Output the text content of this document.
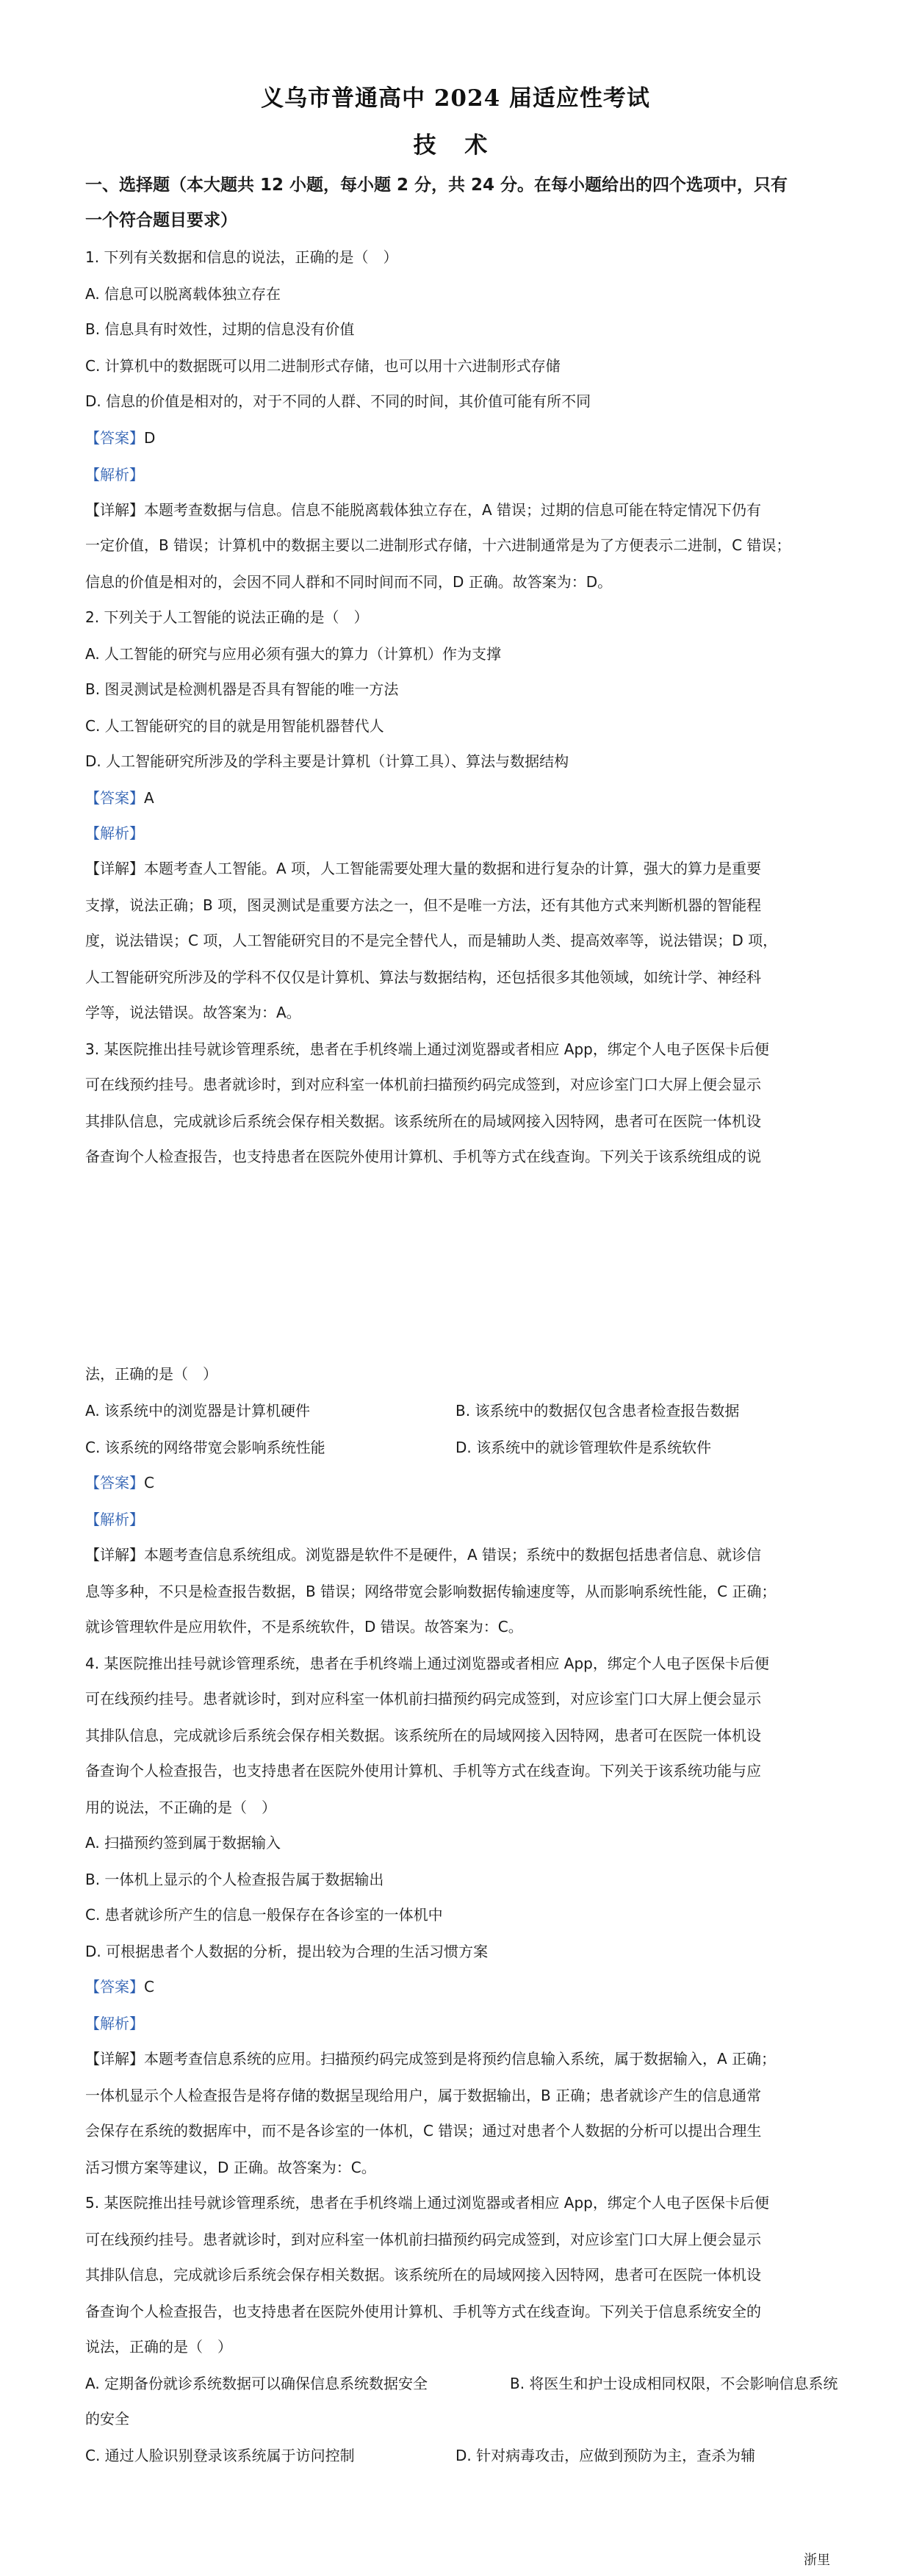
义乌市普通高中 2024 届适应性考试
技 术
一、选择题（本大题共 12 小题，每小题 2 分，共 24 分。在每小题给出的四个选项中，只有
一个符合题目要求）
1. 下列有关数据和信息的说法，正确的是（　）
A. 信息可以脱离载体独立存在
B. 信息具有时效性，过期的信息没有价值
C. 计算机中的数据既可以用二进制形式存储，也可以用十六进制形式存储
D. 信息的价值是相对的，对于不同的人群、不同的时间，其价值可能有所不同
【答案】D
【解析】
【详解】本题考查数据与信息。信息不能脱离载体独立存在，A 错误；过期的信息可能在特定情况下仍有
一定价值，B 错误；计算机中的数据主要以二进制形式存储，十六进制通常是为了方便表示二进制，C 错误；
信息的价值是相对的，会因不同人群和不同时间而不同，D 正确。故答案为：D。
2. 下列关于人工智能的说法正确的是（　）
A. 人工智能的研究与应用必须有强大的算力（计算机）作为支撑
B. 图灵测试是检测机器是否具有智能的唯一方法
C. 人工智能研究的目的就是用智能机器替代人
D. 人工智能研究所涉及的学科主要是计算机（计算工具）、算法与数据结构
【答案】A
【解析】
【详解】本题考查人工智能。A 项，人工智能需要处理大量的数据和进行复杂的计算，强大的算力是重要
支撑，说法正确；B 项，图灵测试是重要方法之一，但不是唯一方法，还有其他方式来判断机器的智能程
度，说法错误；C 项，人工智能研究目的不是完全替代人，而是辅助人类、提高效率等，说法错误；D 项，
人工智能研究所涉及的学科不仅仅是计算机、算法与数据结构，还包括很多其他领域，如统计学、神经科
学等，说法错误。故答案为：A。
3. 某医院推出挂号就诊管理系统，患者在手机终端上通过浏览器或者相应 App，绑定个人电子医保卡后便
可在线预约挂号。患者就诊时，到对应科室一体机前扫描预约码完成签到，对应诊室门口大屏上便会显示
其排队信息，完成就诊后系统会保存相关数据。该系统所在的局域网接入因特网，患者可在医院一体机设
备查询个人检查报告，也支持患者在医院外使用计算机、手机等方式在线查询。下列关于该系统组成的说
法，正确的是（　）
A. 该系统中的浏览器是计算机硬件	B. 该系统中的数据仅包含患者检查报告数据
C. 该系统的网络带宽会影响系统性能	D. 该系统中的就诊管理软件是系统软件
【答案】C
【解析】
【详解】本题考查信息系统组成。浏览器是软件不是硬件，A 错误；系统中的数据包括患者信息、就诊信
息等多种，不只是检查报告数据，B 错误；网络带宽会影响数据传输速度等，从而影响系统性能，C 正确；
就诊管理软件是应用软件，不是系统软件，D 错误。故答案为：C。
4. 某医院推出挂号就诊管理系统，患者在手机终端上通过浏览器或者相应 App，绑定个人电子医保卡后便
可在线预约挂号。患者就诊时，到对应科室一体机前扫描预约码完成签到，对应诊室门口大屏上便会显示
其排队信息，完成就诊后系统会保存相关数据。该系统所在的局域网接入因特网，患者可在医院一体机设
备查询个人检查报告，也支持患者在医院外使用计算机、手机等方式在线查询。下列关于该系统功能与应
用的说法，不正确的是（　）
A. 扫描预约签到属于数据输入
B. 一体机上显示的个人检查报告属于数据输出
C. 患者就诊所产生的信息一般保存在各诊室的一体机中
D. 可根据患者个人数据的分析，提出较为合理的生活习惯方案
【答案】C
【解析】
【详解】本题考查信息系统的应用。扫描预约码完成签到是将预约信息输入系统，属于数据输入，A 正确；
一体机显示个人检查报告是将存储的数据呈现给用户，属于数据输出，B 正确；患者就诊产生的信息通常
会保存在系统的数据库中，而不是各诊室的一体机，C 错误；通过对患者个人数据的分析可以提出合理生
活习惯方案等建议，D 正确。故答案为：C。
5. 某医院推出挂号就诊管理系统，患者在手机终端上通过浏览器或者相应 App，绑定个人电子医保卡后便
可在线预约挂号。患者就诊时，到对应科室一体机前扫描预约码完成签到，对应诊室门口大屏上便会显示
其排队信息，完成就诊后系统会保存相关数据。该系统所在的局域网接入因特网，患者可在医院一体机设
备查询个人检查报告，也支持患者在医院外使用计算机、手机等方式在线查询。下列关于信息系统安全的
说法，正确的是（　）
A. 定期备份就诊系统数据可以确保信息系统数据安全	B. 将医生和护士设成相同权限，不会影响信息系统
的安全
C. 通过人脸识别登录该系统属于访问控制	D. 针对病毒攻击，应做到预防为主，查杀为辅
浙里
